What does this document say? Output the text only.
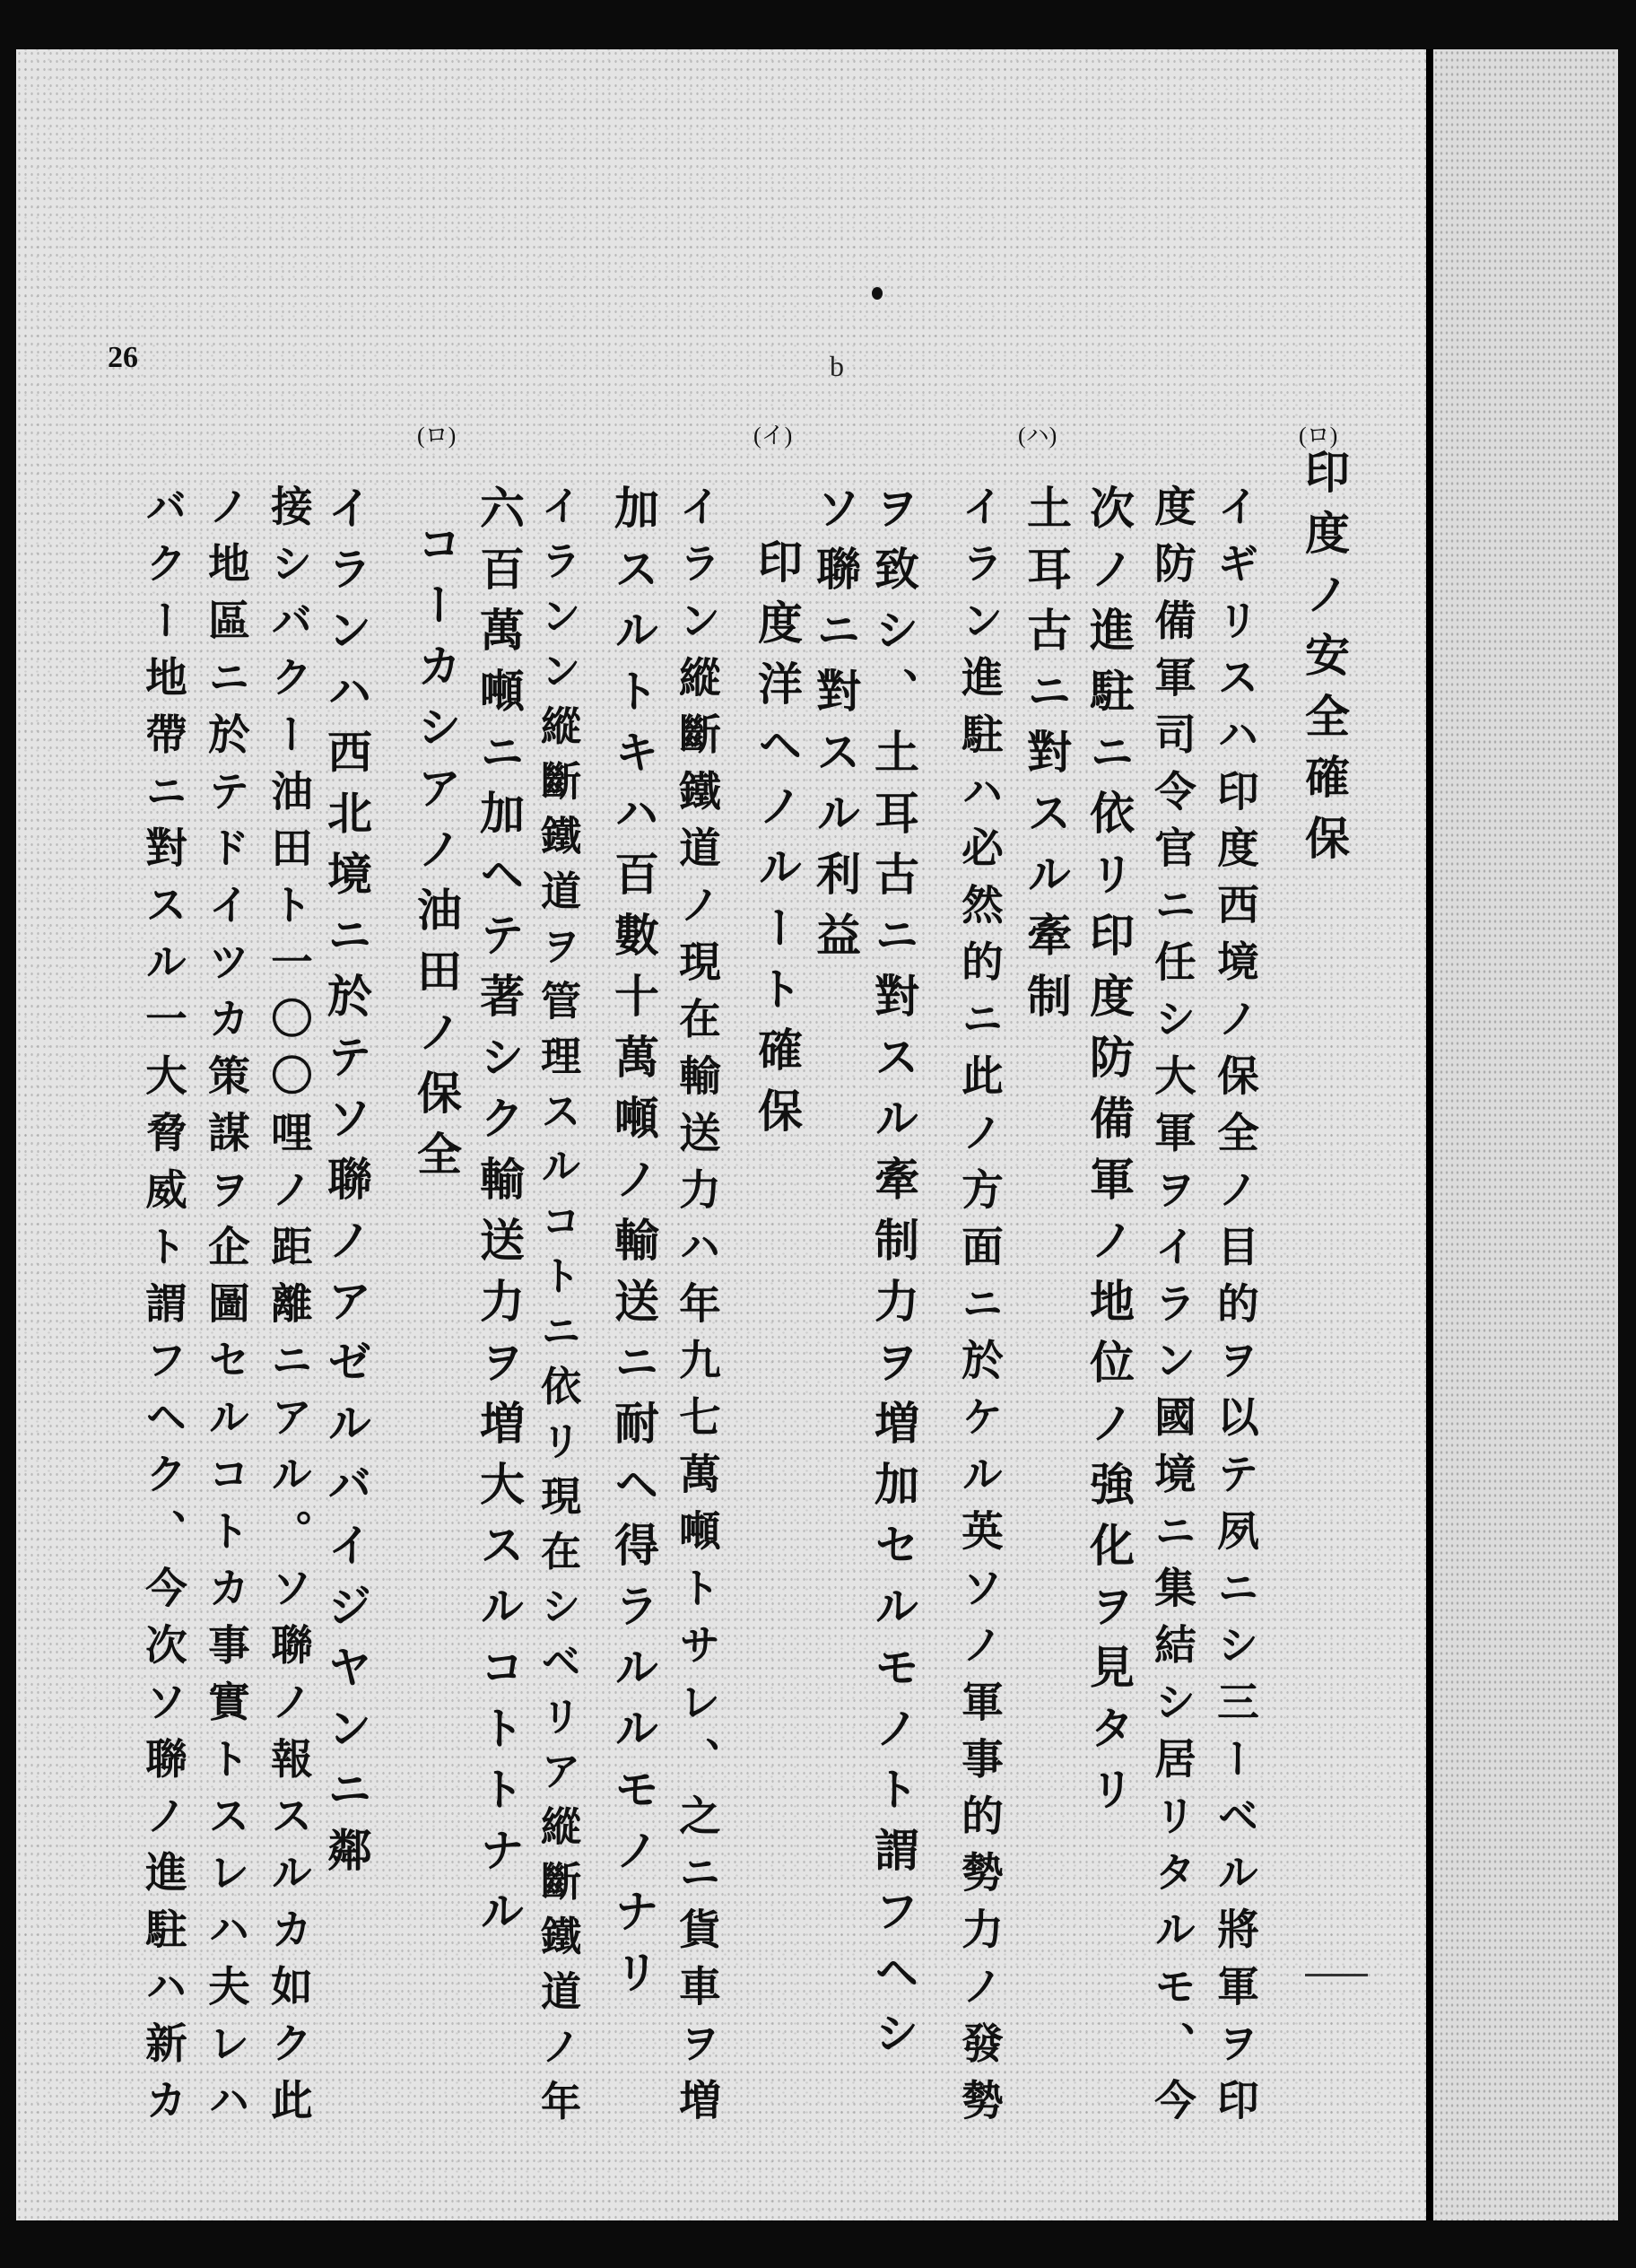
26	b
(ロ)
(ハ)
(イ)
(ロ)
印度ノ安全確保
イギリスハ印度西境ノ保全ノ目的ヲ以テ夙ニシ三ーベル將軍ヲ印
度防備軍司令官ニ任シ大軍ヲイラン國境ニ集結シ居リタルモ、今
次ノ進駐ニ依リ印度防備軍ノ地位ノ強化ヲ見タリ
土耳古ニ對スル牽制
イラン進駐ハ必然的ニ此ノ方面ニ於ケル英ソノ軍事的勢力ノ發勢
ヲ致シ、土耳古ニ對スル牽制力ヲ増加セルモノト謂フヘシ
ソ聯ニ對スル利益
印度洋ヘノルート確保
イラン縱斷鐵道ノ現在輸送力ハ年九七萬噸トサレ、之ニ貨車ヲ増
加スルトキハ百數十萬噸ノ輸送ニ耐ヘ得ラルルモノナリ
イランン縱斷鐵道ヲ管理スルコトニ依リ現在シベリア縱斷鐵道ノ年
六百萬噸ニ加ヘテ著シク輸送力ヲ増大スルコトトナル
コーカシアノ油田ノ保全
イランハ西北境ニ於テソ聯ノアゼルバイジヤンニ鄰
接シバクー油田ト一〇〇哩ノ距離ニアル。ソ聯ノ報スルカ如ク此
ノ地區ニ於テドイツカ策謀ヲ企圖セルコトカ事實トスレハ夫レハ
バクー地帶ニ對スル一大脅威ト謂フヘク、今次ソ聯ノ進駐ハ新カ
